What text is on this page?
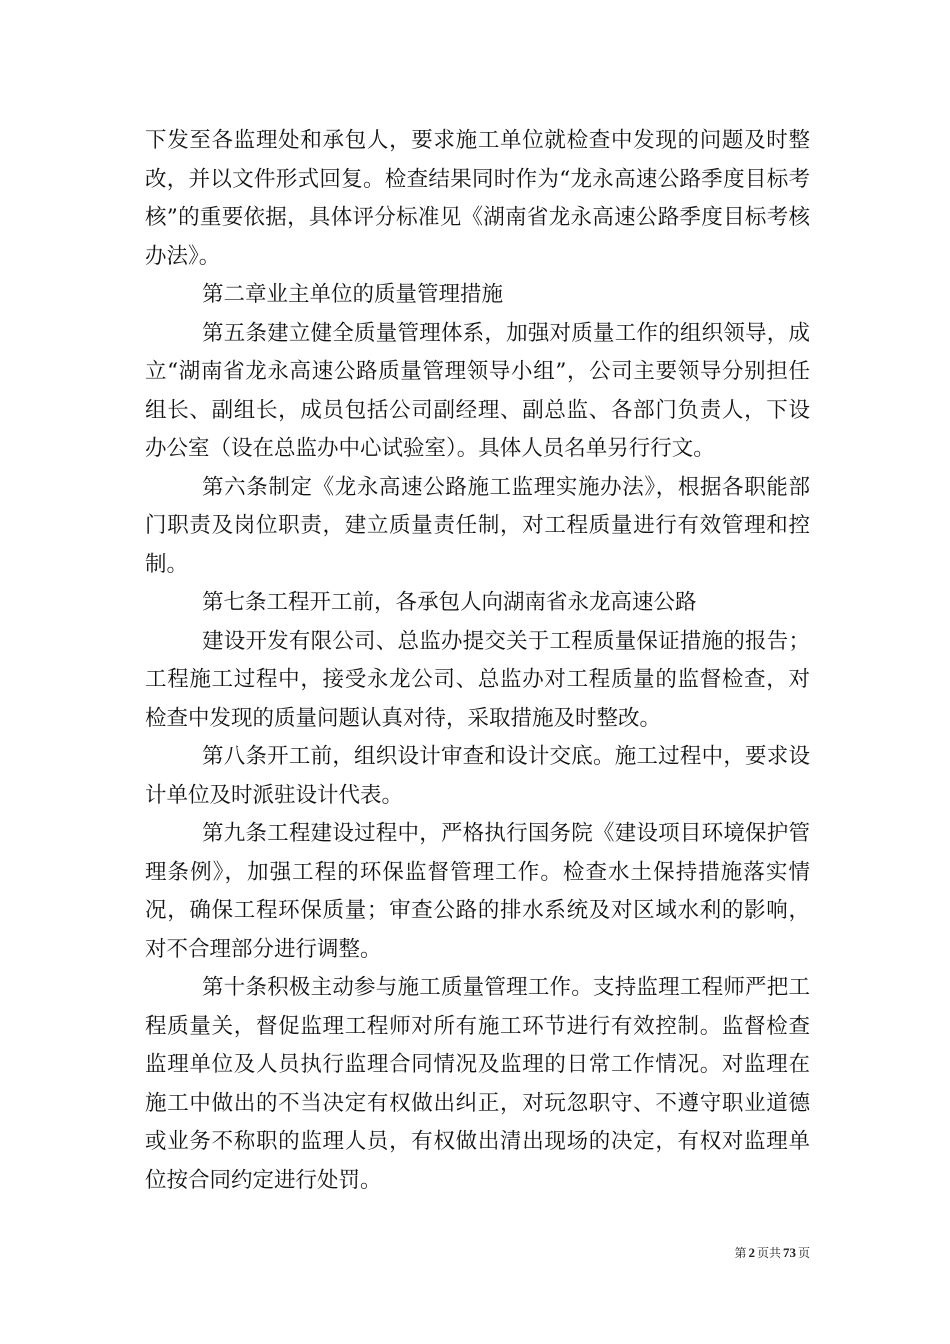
下发至各监理处和承包人，要求施工单位就检查中发现的问题及时整改，并以文件形式回复。检查结果同时作为“龙永高速公路季度目标考核”的重要依据，具体评分标准见《湖南省龙永高速公路季度目标考核办法》。

第二章业主单位的质量管理措施

第五条建立健全质量管理体系，加强对质量工作的组织领导，成立“湖南省龙永高速公路质量管理领导小组”，公司主要领导分别担任组长、副组长，成员包括公司副经理、副总监、各部门负责人，下设办公室（设在总监办中心试验室）。具体人员名单另行行文。

第六条制定《龙永高速公路施工监理实施办法》，根据各职能部门职责及岗位职责，建立质量责任制，对工程质量进行有效管理和控制。

第七条工程开工前，各承包人向湖南省永龙高速公路

建设开发有限公司、总监办提交关于工程质量保证措施的报告；工程施工过程中，接受永龙公司、总监办对工程质量的监督检查，对检查中发现的质量问题认真对待，采取措施及时整改。

第八条开工前，组织设计审查和设计交底。施工过程中，要求设计单位及时派驻设计代表。

第九条工程建设过程中，严格执行国务院《建设项目环境保护管理条例》，加强工程的环保监督管理工作。检查水土保持措施落实情况，确保工程环保质量；审查公路的排水系统及对区域水利的影响，对不合理部分进行调整。

第十条积极主动参与施工质量管理工作。支持监理工程师严把工程质量关，督促监理工程师对所有施工环节进行有效控制。监督检查监理单位及人员执行监理合同情况及监理的日常工作情况。对监理在施工中做出的不当决定有权做出纠正，对玩忽职守、不遵守职业道德或业务不称职的监理人员，有权做出清出现场的决定，有权对监理单位按合同约定进行处罚。

第 2 页共 73 页
